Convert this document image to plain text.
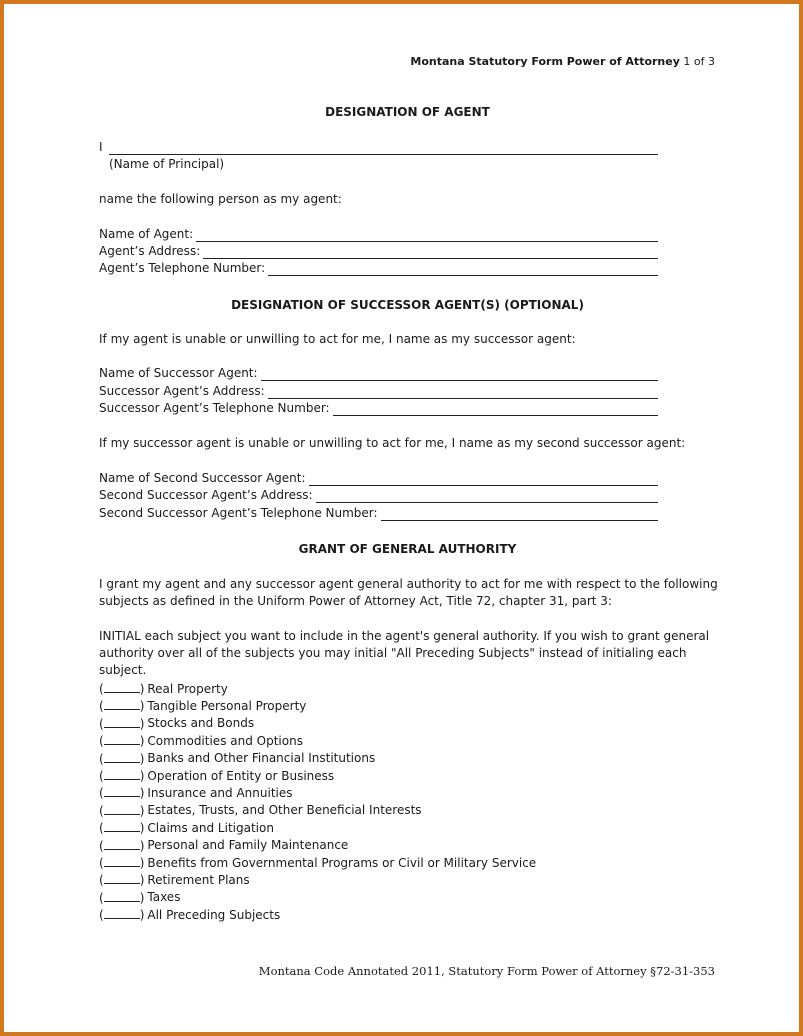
Montana Statutory Form Power of Attorney 1 of 3
DESIGNATION OF AGENT
I
(Name of Principal)
name the following person as my agent:
Name of Agent:
Agent’s Address:
Agent’s Telephone Number:
DESIGNATION OF SUCCESSOR AGENT(S) (OPTIONAL)
If my agent is unable or unwilling to act for me, I name as my successor agent:
Name of Successor Agent:
Successor Agent’s Address:
Successor Agent’s Telephone Number:
If my successor agent is unable or unwilling to act for me, I name as my second successor agent:
Name of Second Successor Agent:
Second Successor Agent’s Address:
Second Successor Agent’s Telephone Number:
GRANT OF GENERAL AUTHORITY
I grant my agent and any successor agent general authority to act for me with respect to the following subjects as defined in the Uniform Power of Attorney Act, Title 72, chapter 31, part 3:
INITIAL each subject you want to include in the agent's general authority. If you wish to grant general authority over all of the subjects you may initial "All Preceding Subjects" instead of initialing each subject.
(	) Real Property
(	) Tangible Personal Property
(	) Stocks and Bonds
(	) Commodities and Options
(	) Banks and Other Financial Institutions
(	) Operation of Entity or Business
(	) Insurance and Annuities
(	) Estates, Trusts, and Other Beneficial Interests
(	) Claims and Litigation
(	) Personal and Family Maintenance
(	) Benefits from Governmental Programs or Civil or Military Service
(	) Retirement Plans
(	) Taxes
(	) All Preceding Subjects
Montana Code Annotated 2011, Statutory Form Power of Attorney §72-31-353
